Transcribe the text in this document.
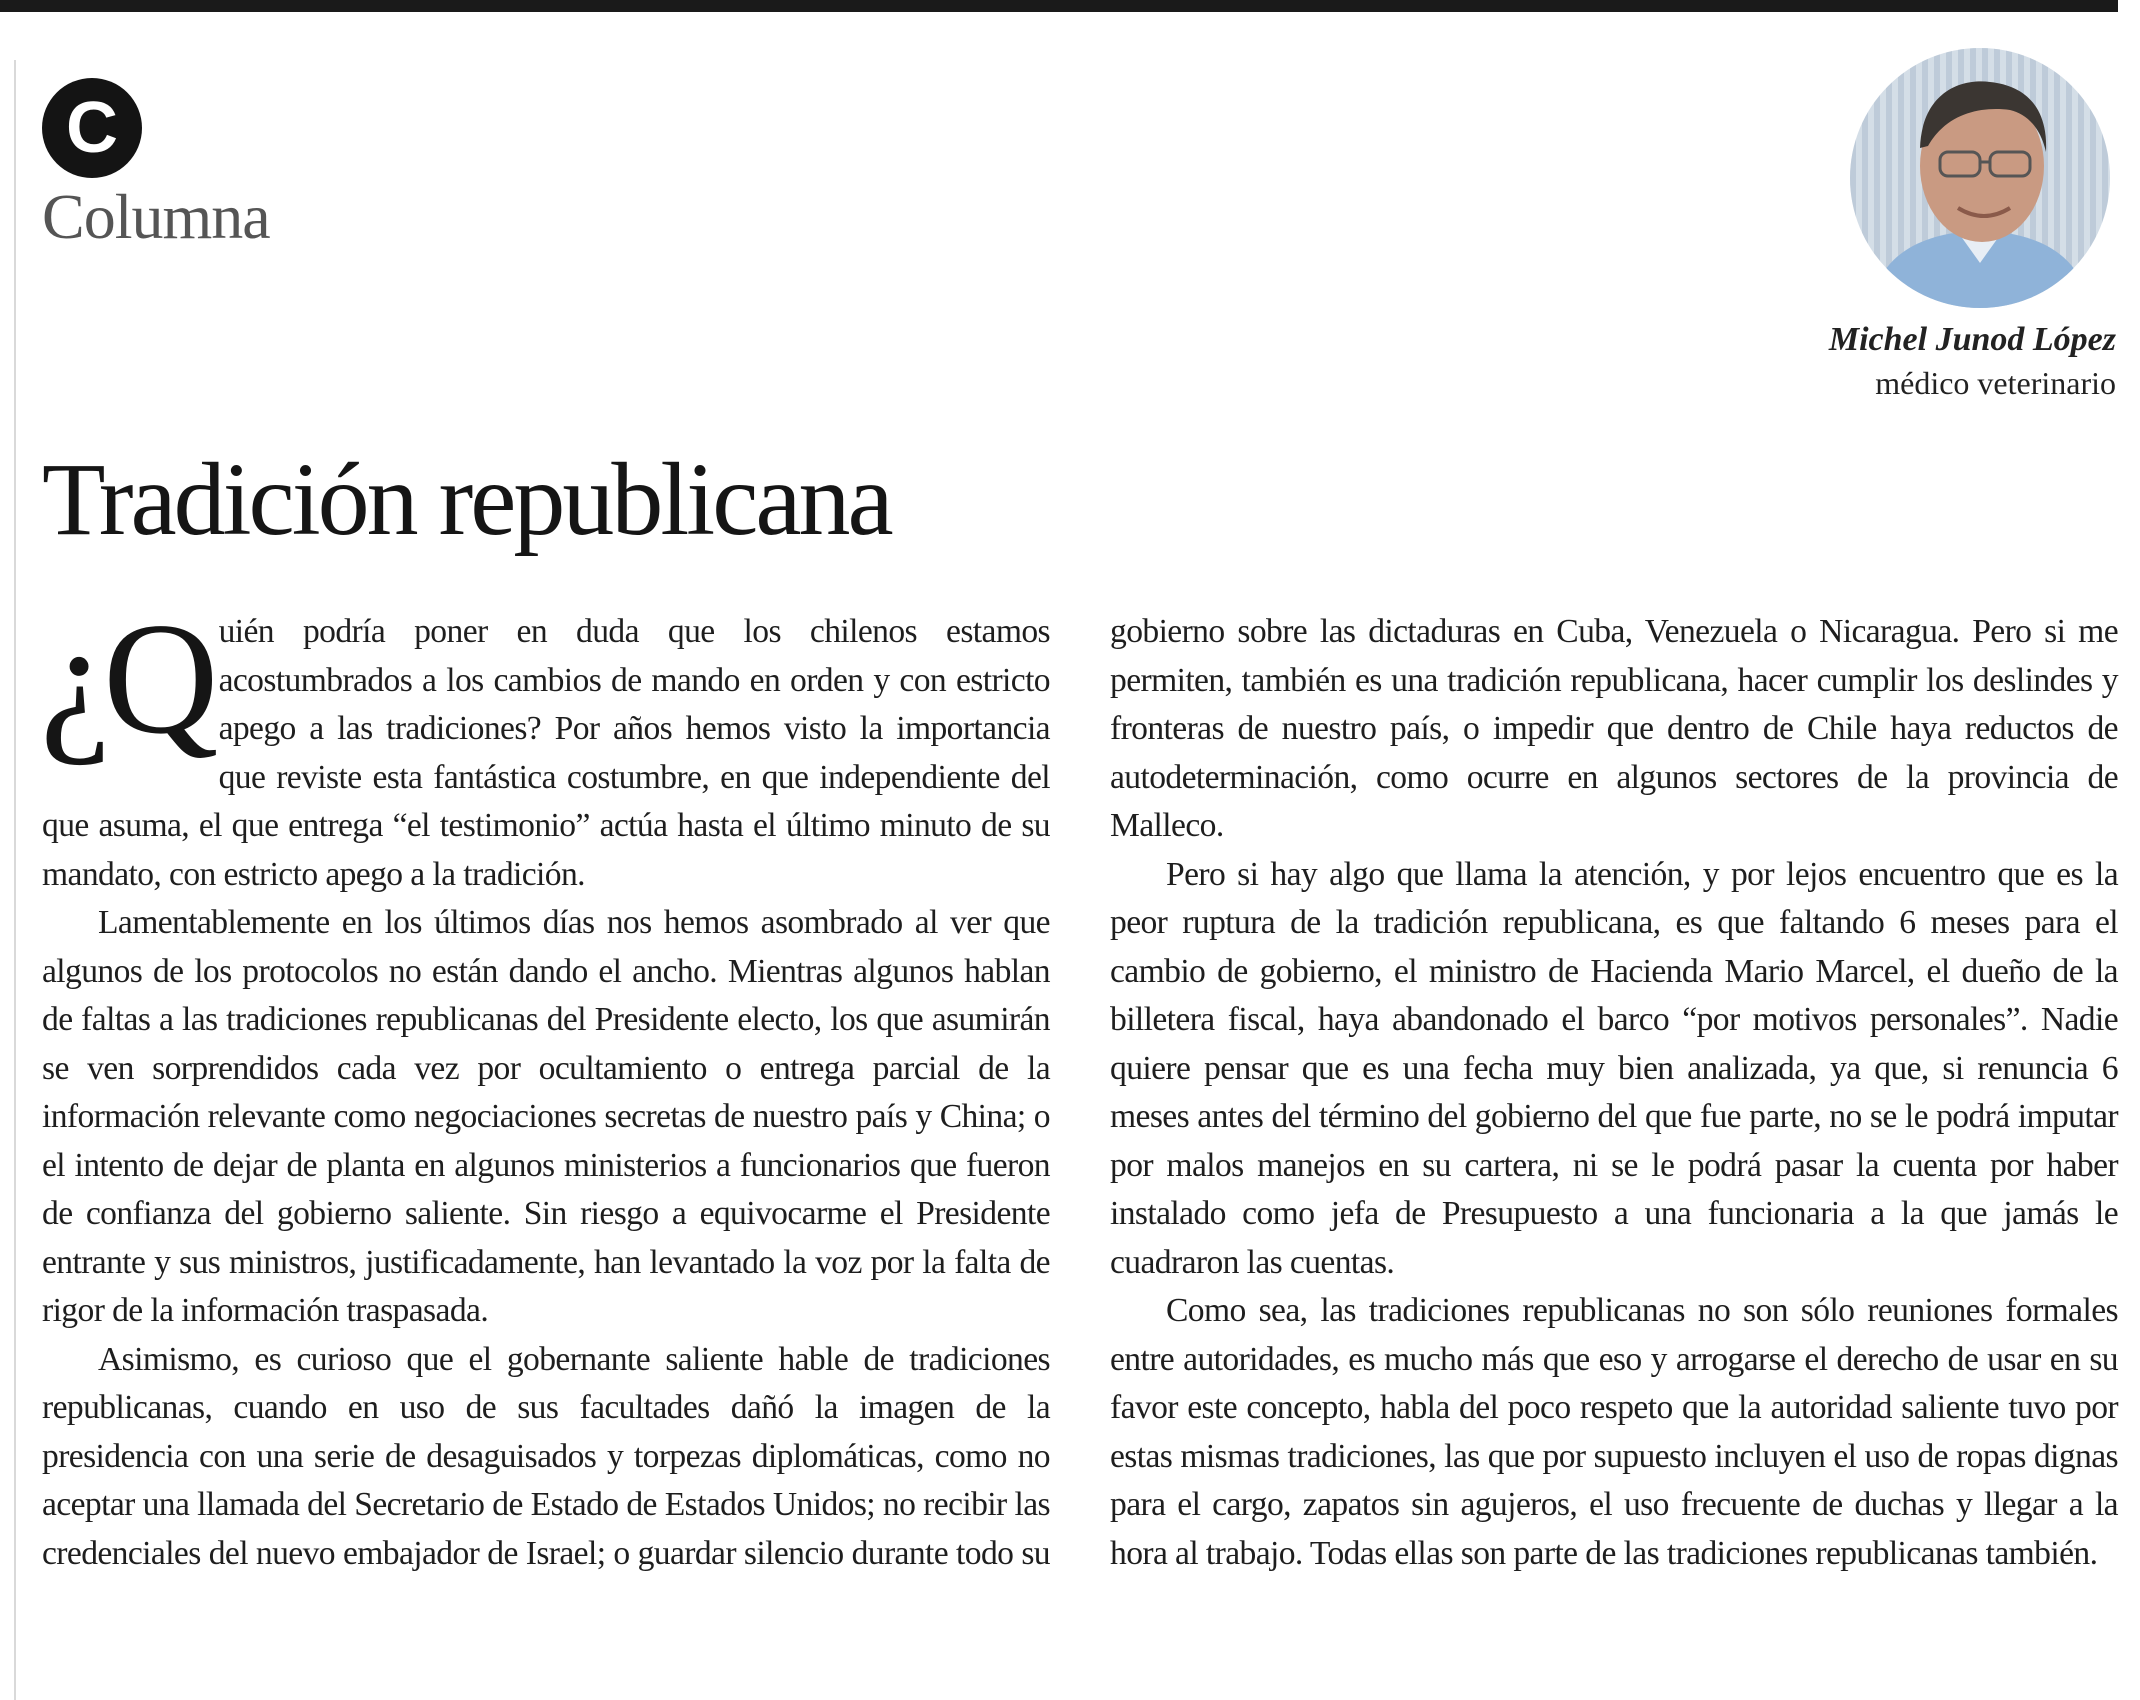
C
Columna
Michel Junod López
médico veterinario
Tradición republicana

¿Q uién podría poner en duda que los chilenos estamos acostumbrados a los cambios de mando en orden y con estricto apego a las tradiciones? Por años hemos visto la importancia que reviste esta fantástica costumbre, en que independiente del que asuma, el que entrega “el testimonio” actúa hasta el último minuto de su mandato, con estricto apego a la tradición.

Lamentablemente en los últimos días nos hemos asombrado al ver que algunos de los protocolos no están dando el ancho. Mientras algunos hablan de faltas a las tradiciones republicanas del Presidente electo, los que asumirán se ven sorprendidos cada vez por ocultamiento o entrega parcial de la información relevante como negociaciones secretas de nuestro país y China; o el intento de dejar de planta en algunos ministerios a funcionarios que fueron de confianza del gobierno saliente. Sin riesgo a equivocarme el Presidente entrante y sus ministros, justificadamente, han levantado la voz por la falta de rigor de la información traspasada.

Asimismo, es curioso que el gobernante saliente hable de tradiciones republicanas, cuando en uso de sus facultades dañó la imagen de la presidencia con una serie de desaguisados y torpezas diplomáticas, como no aceptar una llamada del Secretario de Estado de Estados Unidos; no recibir las credenciales del nuevo embajador de Israel; o guardar silencio durante todo su gobierno sobre las dictaduras en Cuba, Venezuela o Nicaragua. Pero si me permiten, también es una tradición republicana, hacer cumplir los deslindes y fronteras de nuestro país, o impedir que dentro de Chile haya reductos de autodeterminación, como ocurre en algunos sectores de la provincia de Malleco.

Pero si hay algo que llama la atención, y por lejos encuentro que es la peor ruptura de la tradición republicana, es que faltando 6 meses para el cambio de gobierno, el ministro de Hacienda Mario Marcel, el dueño de la billetera fiscal, haya abandonado el barco “por motivos personales”. Nadie quiere pensar que es una fecha muy bien analizada, ya que, si renuncia 6 meses antes del término del gobierno del que fue parte, no se le podrá imputar por malos manejos en su cartera, ni se le podrá pasar la cuenta por haber instalado como jefa de Presupuesto a una funcionaria a la que jamás le cuadraron las cuentas.

Como sea, las tradiciones republicanas no son sólo reuniones formales entre autoridades, es mucho más que eso y arrogarse el derecho de usar en su favor este concepto, habla del poco respeto que la autoridad saliente tuvo por estas mismas tradiciones, las que por supuesto incluyen el uso de ropas dignas para el cargo, zapatos sin agujeros, el uso frecuente de duchas y llegar a la hora al trabajo. Todas ellas son parte de las tradiciones republicanas también.
